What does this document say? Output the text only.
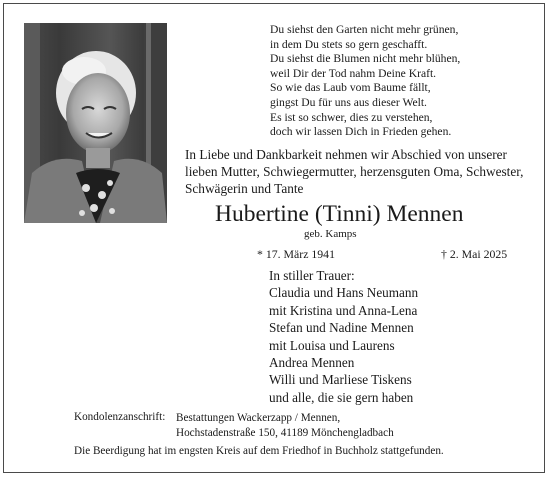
Du siehst den Garten nicht mehr grünen,
in dem Du stets so gern geschafft.
Du siehst die Blumen nicht mehr blühen,
weil Dir der Tod nahm Deine Kraft.
So wie das Laub vom Baume fällt,
gingst Du für uns aus dieser Welt.
Es ist so schwer, dies zu verstehen,
doch wir lassen Dich in Frieden gehen.
In Liebe und Dankbarkeit nehmen wir Abschied von unserer lieben Mutter, Schwiegermutter, herzensguten Oma, Schwester, Schwägerin und Tante
Hubertine (Tinni) Mennen
geb. Kamps
* 17. März 1941	† 2. Mai 2025
In stiller Trauer:
Claudia und Hans Neumann
mit Kristina und Anna-Lena
Stefan und Nadine Mennen
mit Louisa und Laurens
Andrea Mennen
Willi und Marliese Tiskens
und alle, die sie gern haben
Kondolenzanschrift: Bestattungen Wackerzapp / Mennen,
Hochstadenstraße 150, 41189 Mönchengladbach
Die Beerdigung hat im engsten Kreis auf dem Friedhof in Buchholz stattgefunden.
